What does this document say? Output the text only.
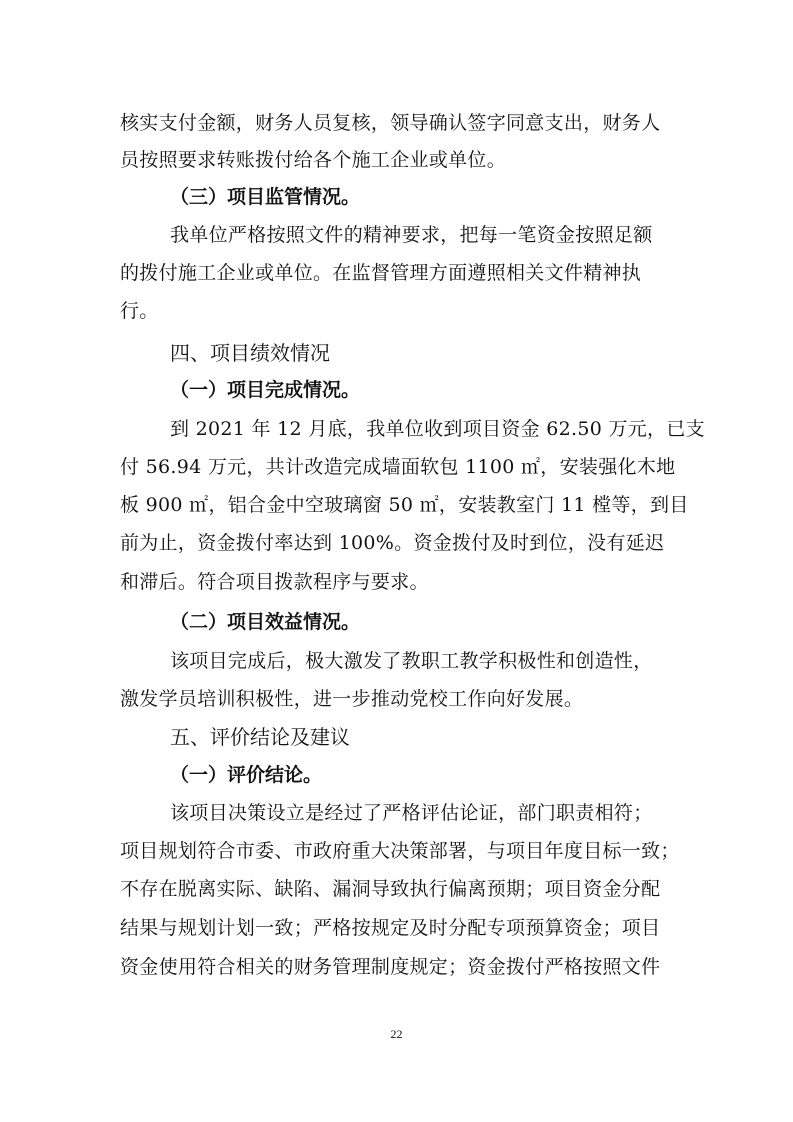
核实支付金额，财务人员复核，领导确认签字同意支出，财务人
员按照要求转账拨付给各个施工企业或单位。
（三）项目监管情况。
我单位严格按照文件的精神要求，把每一笔资金按照足额
的拨付施工企业或单位。在监督管理方面遵照相关文件精神执
行。
四、项目绩效情况
（一）项目完成情况。
到 2021 年 12 月底，我单位收到项目资金 62.50 万元，已支
付 56.94 万元，共计改造完成墙面软包 1100 ㎡，安装强化木地
板 900 ㎡，铝合金中空玻璃窗 50 ㎡，安装教室门 11 樘等，到目
前为止，资金拨付率达到 100%。资金拨付及时到位，没有延迟
和滞后。符合项目拨款程序与要求。
（二）项目效益情况。
该项目完成后，极大激发了教职工教学积极性和创造性，
激发学员培训积极性，进一步推动党校工作向好发展。
五、评价结论及建议
（一）评价结论。
该项目决策设立是经过了严格评估论证，部门职责相符；
项目规划符合市委、市政府重大决策部署，与项目年度目标一致；
不存在脱离实际、缺陷、漏洞导致执行偏离预期；项目资金分配
结果与规划计划一致；严格按规定及时分配专项预算资金；项目
资金使用符合相关的财务管理制度规定；资金拨付严格按照文件
22
